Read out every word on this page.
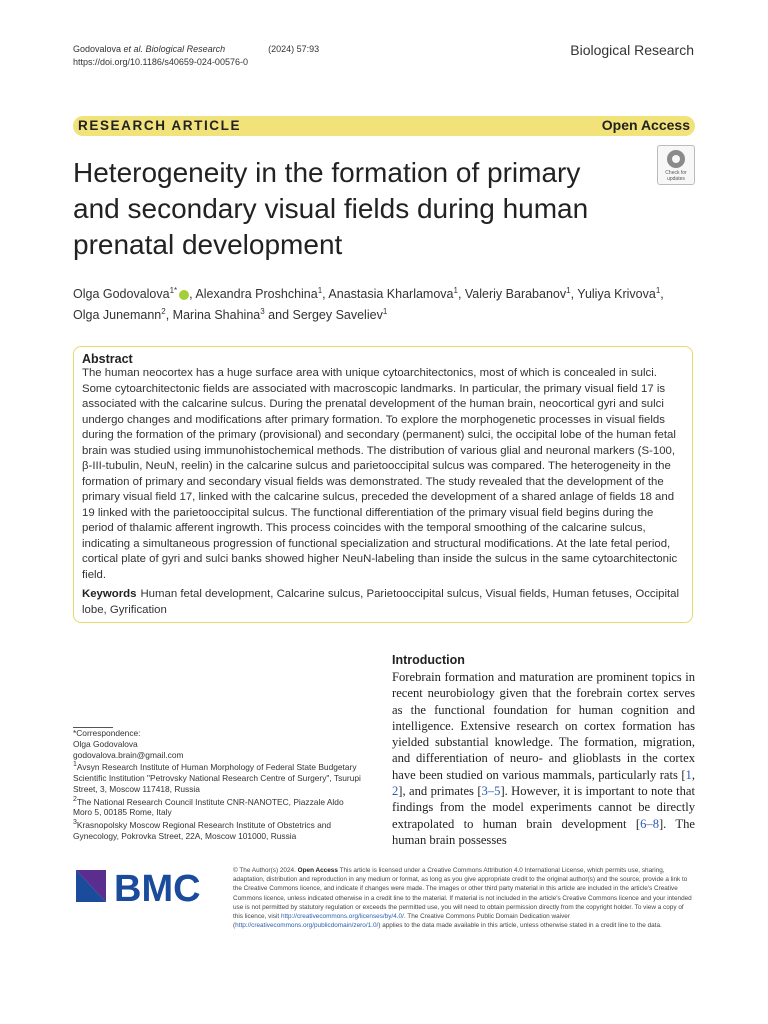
Godovalova et al. Biological Research	(2024) 57:93
https://doi.org/10.1186/s40659-024-00576-0
Biological Research
RESEARCH ARTICLE	Open Access
Heterogeneity in the formation of primary and secondary visual fields during human prenatal development
Check for updates
Olga Godovalova$^{1*}$ , Alexandra Proshchina$^1$, Anastasia Kharlamova$^1$, Valeriy Barabanov$^1$, Yuliya Krivova$^1$,
Olga Junemann$^2$, Marina Shahina$^3$ and Sergey Saveliev$^1$
Abstract
The human neocortex has a huge surface area with unique cytoarchitectonics, most of which is concealed in sulci. Some cytoarchitectonic fields are associated with macroscopic landmarks. In particular, the primary visual field 17 is associated with the calcarine sulcus. During the prenatal development of the human brain, neocortical gyri and sulci undergo changes and modifications after primary formation. To explore the morphogenetic processes in visual fields during the formation of the primary (provisional) and secondary (permanent) sulci, the occipital lobe of the human fetal brain was studied using immunohistochemical methods. The distribution of various glial and neuronal markers (S-100, β-III-tubulin, NeuN, reelin) in the calcarine sulcus and parietooccipital sulcus was compared. The heterogeneity in the formation of primary and secondary visual fields was demonstrated. The study revealed that the development of the primary visual field 17, linked with the calcarine sulcus, preceded the development of a shared anlage of fields 18 and 19 linked with the parietooccipital sulcus. The functional differentiation of the primary visual field begins during the period of thalamic afferent ingrowth. This process coincides with the temporal smoothing of the calcarine sulcus, indicating a simultaneous progression of functional specialization and structural modifications. At the late fetal period, cortical plate of gyri and sulci banks showed higher NeuN-labeling than inside the sulcus in the same cytoarchitectonic field.
Keywords Human fetal development, Calcarine sulcus, Parietooccipital sulcus, Visual fields, Human fetuses, Occipital lobe, Gyrification
Introduction
Forebrain formation and maturation are prominent topics in recent neurobiology given that the forebrain cortex serves as the functional foundation for human cognition and intelligence. Extensive research on cortex formation has yielded substantial knowledge. The formation, migration, and differentiation of neuro- and glioblasts in the cortex have been studied on various mammals, particularly rats [1, 2], and primates [3–5]. However, it is important to note that findings from the model experiments cannot be directly extrapolated to human brain development [6–8]. The human brain possesses
*Correspondence:
Olga Godovalova
godovalova.brain@gmail.com
$^1$Avsyn Research Institute of Human Morphology of Federal State Budgetary Scientific Institution "Petrovsky National Research Centre of Surgery", Tsurupi Street, 3, Moscow 117418, Russia
$^2$The National Research Council Institute CNR-NANOTEC, Piazzale Aldo Moro 5, 00185 Rome, Italy
$^3$Krasnopolsky Moscow Regional Research Institute of Obstetrics and Gynecology, Pokrovka Street, 22A, Moscow 101000, Russia
BMC	© The Author(s) 2024. Open Access This article is licensed under a Creative Commons Attribution 4.0 International License, which permits use, sharing, adaptation, distribution and reproduction in any medium or format, as long as you give appropriate credit to the original author(s) and the source, provide a link to the Creative Commons licence, and indicate if changes were made. The images or other third party material in this article are included in the article's Creative Commons licence, unless indicated otherwise in a credit line to the material. If material is not included in the article's Creative Commons licence and your intended use is not permitted by statutory regulation or exceeds the permitted use, you will need to obtain permission directly from the copyright holder. To view a copy of this licence, visit http://creativecommons.org/licenses/by/4.0/. The Creative Commons Public Domain Dedication waiver (http://creativecommons.org/publicdomain/zero/1.0/) applies to the data made available in this article, unless otherwise stated in a credit line to the data.
